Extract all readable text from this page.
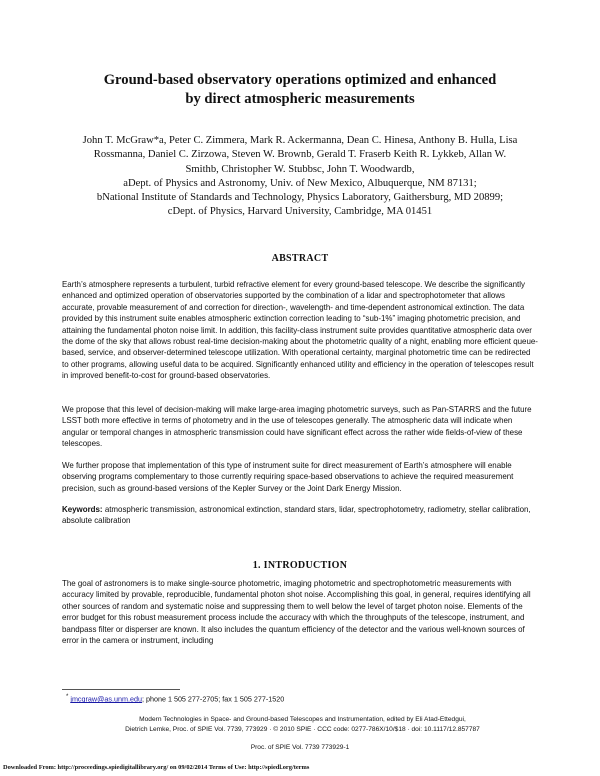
Ground-based observatory operations optimized and enhanced
by direct atmospheric measurements
John T. McGraw*a, Peter C. Zimmera, Mark R. Ackermanna, Dean C. Hinesa, Anthony B. Hulla, Lisa
Rossmanna, Daniel C. Zirzowa, Steven W. Brownb, Gerald T. Fraserb Keith R. Lykkeb, Allan W.
Smithb, Christopher W. Stubbsc, John T. Woodwardb,
aDept. of Physics and Astronomy, Univ. of New Mexico, Albuquerque, NM 87131;
bNational Institute of Standards and Technology, Physics Laboratory, Gaithersburg, MD 20899;
cDept. of Physics, Harvard University, Cambridge, MA 01451
ABSTRACT

Earth’s atmosphere represents a turbulent, turbid refractive element for every ground-based telescope. We describe the significantly enhanced and optimized operation of observatories supported by the combination of a lidar and spectrophotometer that allows accurate, provable measurement of and correction for direction-, wavelength- and time-dependent astronomical extinction. The data provided by this instrument suite enables atmospheric extinction correction leading to “sub-1%” imaging photometric precision, and attaining the fundamental photon noise limit. In addition, this facility-class instrument suite provides quantitative atmospheric data over the dome of the sky that allows robust real-time decision-making about the photometric quality of a night, enabling more efficient queue-based, service, and observer-determined telescope utilization. With operational certainty, marginal photometric time can be redirected to other programs, allowing useful data to be acquired. Significantly enhanced utility and efficiency in the operation of telescopes result in improved benefit-to-cost for ground-based observatories.

We propose that this level of decision-making will make large-area imaging photometric surveys, such as Pan-STARRS and the future LSST both more effective in terms of photometry and in the use of telescopes generally. The atmospheric data will indicate when angular or temporal changes in atmospheric transmission could have significant effect across the rather wide fields-of-view of these telescopes.

We further propose that implementation of this type of instrument suite for direct measurement of Earth’s atmosphere will enable observing programs complementary to those currently requiring space-based observations to achieve the required measurement precision, such as ground-based versions of the Kepler Survey or the Joint Dark Energy Mission.

Keywords: atmospheric transmission, astronomical extinction, standard stars, lidar, spectrophotometry, radiometry, stellar calibration, absolute calibration

1. INTRODUCTION

The goal of astronomers is to make single-source photometric, imaging photometric and spectrophotometric measurements with accuracy limited by provable, reproducible, fundamental photon shot noise. Accomplishing this goal, in general, requires identifying all other sources of random and systematic noise and suppressing them to well below the level of target photon noise. Elements of the error budget for this robust measurement process include the accuracy with which the throughputs of the telescope, instrument, and bandpass filter or disperser are known. It also includes the quantum efficiency of the detector and the various well-known sources of error in the camera or instrument, including

* jmcgraw@as.unm.edu; phone 1 505 277-2705; fax 1 505 277-1520

Modern Technologies in Space- and Ground-based Telescopes and Instrumentation, edited by Eli Atad-Ettedgui,
Dietrich Lemke, Proc. of SPIE Vol. 7739, 773929 · © 2010 SPIE · CCC code: 0277-786X/10/$18 · doi: 10.1117/12.857787
Proc. of SPIE Vol. 7739 773929-1

Downloaded From: http://proceedings.spiedigitallibrary.org/ on 09/02/2014 Terms of Use: http://spiedl.org/terms
